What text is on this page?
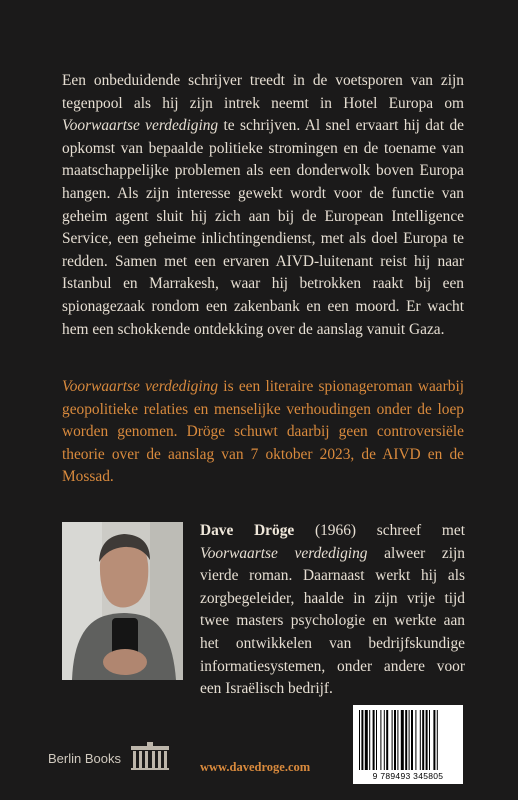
Een onbeduidende schrijver treedt in de voetsporen van zijn tegenpool als hij zijn intrek neemt in Hotel Europa om Voorwaartse verdediging te schrijven. Al snel ervaart hij dat de opkomst van bepaalde politieke stromingen en de toename van maatschappelijke problemen als een donderwolk boven Europa hangen. Als zijn interesse gewekt wordt voor de functie van geheim agent sluit hij zich aan bij de European Intelligence Service, een geheime inlichtingendienst, met als doel Europa te redden. Samen met een ervaren AIVD-luitenant reist hij naar Istanbul en Marrakesh, waar hij betrokken raakt bij een spionagezaak rondom een zakenbank en een moord. Er wacht hem een schokkende ontdekking over de aanslag vanuit Gaza.

Voorwaartse verdediging is een literaire spionageroman waarbij geopolitieke relaties en menselijke verhoudingen onder de loep worden genomen. Dröge schuwt daarbij geen controversiële theorie over de aanslag van 7 oktober 2023, de AIVD en de Mossad.

Dave Dröge (1966) schreef met Voorwaartse verdediging alweer zijn vierde roman. Daarnaast werkt hij als zorgbegeleider, haalde in zijn vrije tijd twee masters psychologie en werkte aan het ontwikkelen van bedrijfskundige informatiesystemen, onder andere voor een Israëlisch bedrijf.

Berlin Books
www.davedroge.com
9 789493 345805
